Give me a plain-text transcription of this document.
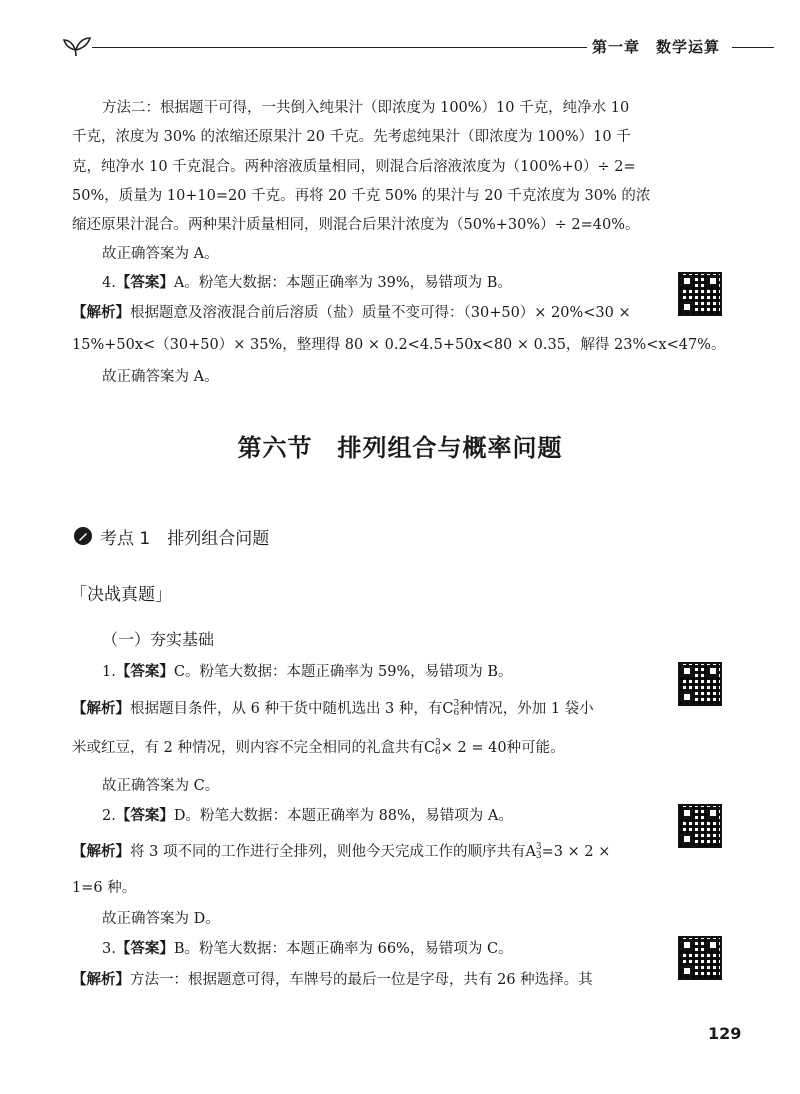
第一章　数学运算
方法二：根据题干可得，一共倒入纯果汁（即浓度为 100%）10 千克，纯净水 10
千克，浓度为 30% 的浓缩还原果汁 20 千克。先考虑纯果汁（即浓度为 100%）10 千
克，纯净水 10 千克混合。两种溶液质量相同，则混合后溶液浓度为（100%+0）÷ 2=
50%，质量为 10+10=20 千克。再将 20 千克 50% 的果汁与 20 千克浓度为 30% 的浓
缩还原果汁混合。两种果汁质量相同，则混合后果汁浓度为（50%+30%）÷ 2=40%。
故正确答案为 A。
4.【答案】A。粉笔大数据：本题正确率为 39%，易错项为 B。
【解析】根据题意及溶液混合前后溶质（盐）质量不变可得：（30+50）× 20%<30 ×
15%+50x<（30+50）× 35%，整理得 80 × 0.2<4.5+50x<80 × 0.35，解得 23%<x<47%。
故正确答案为 A。
第六节　排列组合与概率问题
考点 1　排列组合问题
「决战真题」
（一）夯实基础
1.【答案】C。粉笔大数据：本题正确率为 59%，易错项为 B。
【解析】根据题目条件，从 6 种干货中随机选出 3 种，有C 3
6 种情况，外加 1 袋小
米或红豆，有 2 种情况，则内容不完全相同的礼盒共有C 3
6 × 2 = 40种可能。
故正确答案为 C。
2.【答案】D。粉笔大数据：本题正确率为 88%，易错项为 A。
【解析】将 3 项不同的工作进行全排列，则他今天完成工作的顺序共有A 3
3 =3 × 2 ×
1=6 种。
故正确答案为 D。
3.【答案】B。粉笔大数据：本题正确率为 66%，易错项为 C。
【解析】方法一：根据题意可得，车牌号的最后一位是字母，共有 26 种选择。其
129
